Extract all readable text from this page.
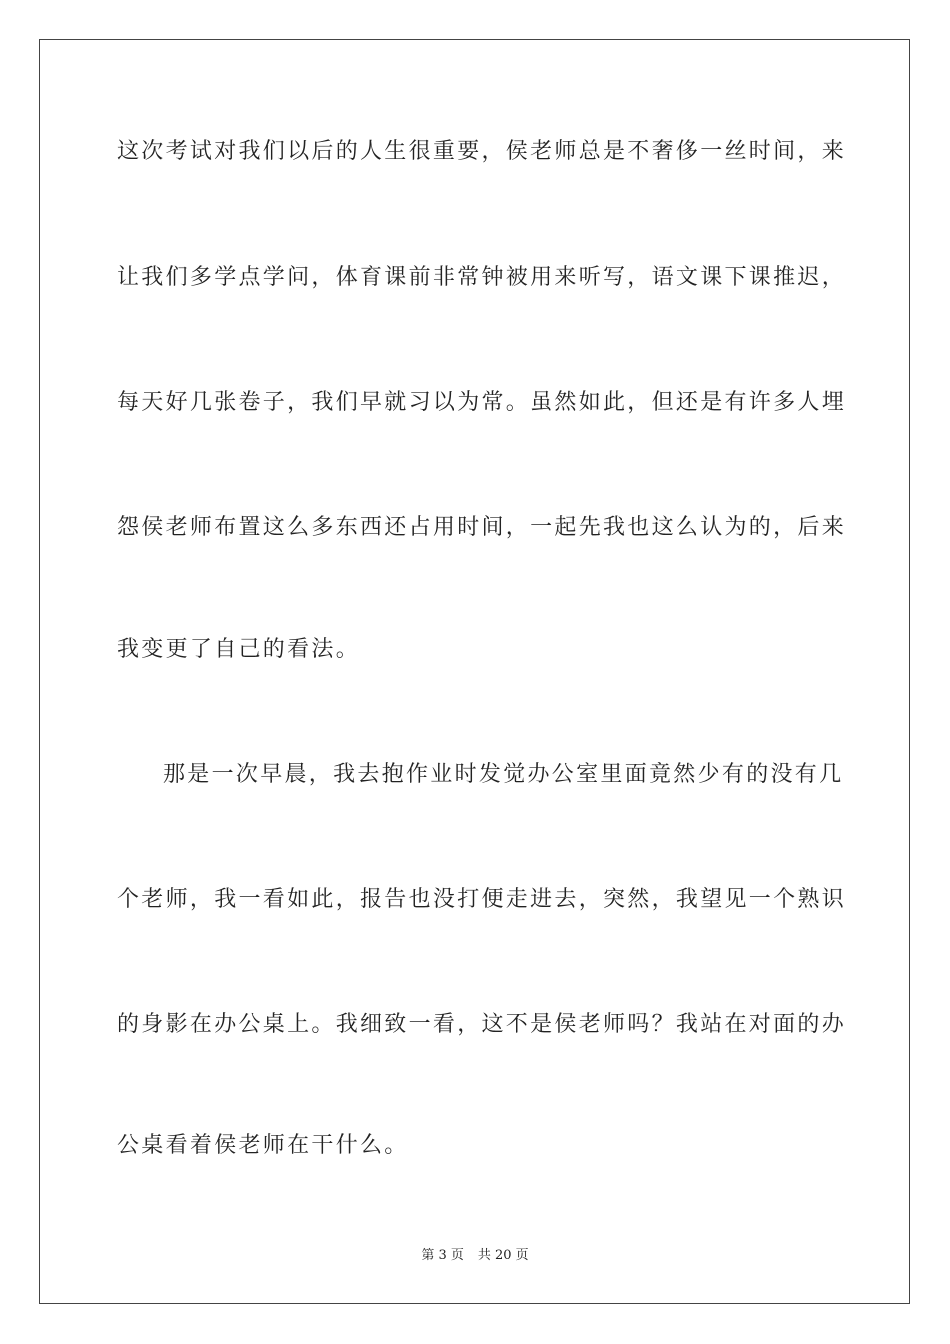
这次考试对我们以后的人生很重要，侯老师总是不奢侈一丝时间，来
让我们多学点学问，体育课前非常钟被用来听写，语文课下课推迟，
每天好几张卷子，我们早就习以为常。虽然如此，但还是有许多人埋
怨侯老师布置这么多东西还占用时间，一起先我也这么认为的，后来
我变更了自己的看法。
那是一次早晨，我去抱作业时发觉办公室里面竟然少有的没有几
个老师，我一看如此，报告也没打便走进去，突然，我望见一个熟识
的身影在办公桌上。我细致一看，这不是侯老师吗？我站在对面的办
公桌看着侯老师在干什么。
第 3 页 共 20 页
